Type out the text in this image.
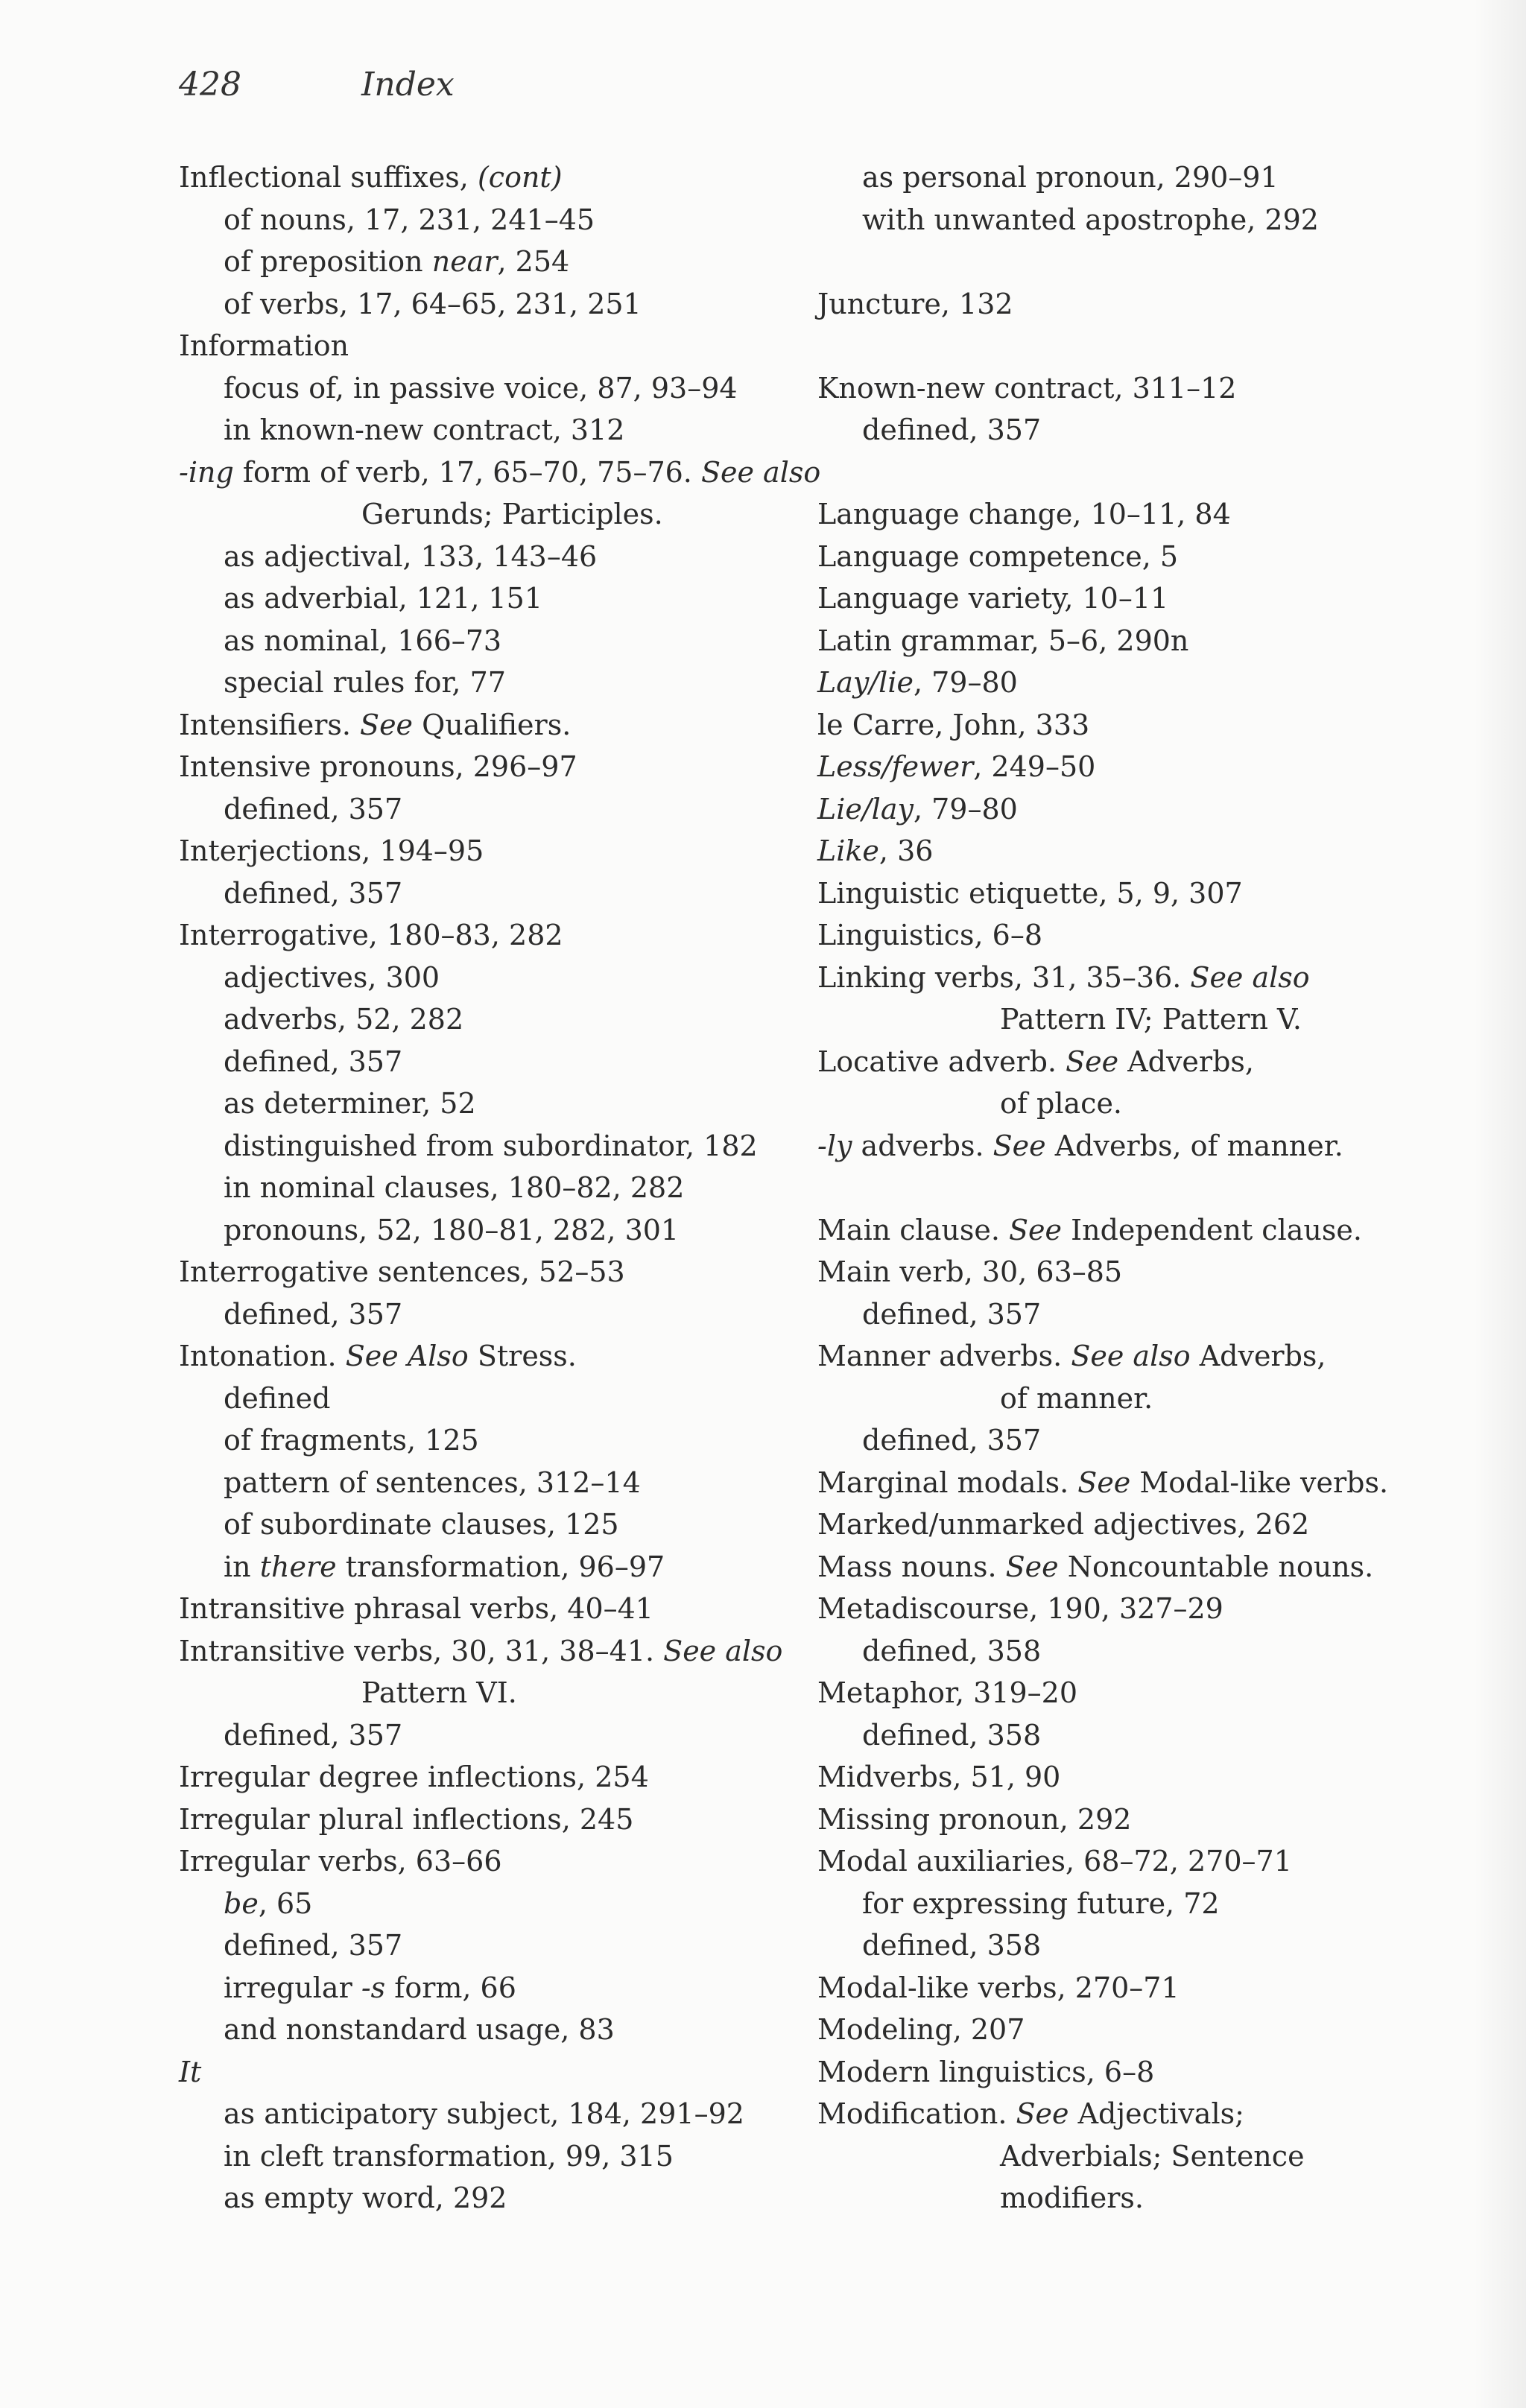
428	Index
Inflectional suffixes, (cont)
of nouns, 17, 231, 241–45
of preposition near, 254
of verbs, 17, 64–65, 231, 251
Information
focus of, in passive voice, 87, 93–94
in known-new contract, 312
-ing form of verb, 17, 65–70, 75–76. See also
Gerunds; Participles.
as adjectival, 133, 143–46
as adverbial, 121, 151
as nominal, 166–73
special rules for, 77
Intensifiers. See Qualifiers.
Intensive pronouns, 296–97
defined, 357
Interjections, 194–95
defined, 357
Interrogative, 180–83, 282
adjectives, 300
adverbs, 52, 282
defined, 357
as determiner, 52
distinguished from subordinator, 182
in nominal clauses, 180–82, 282
pronouns, 52, 180–81, 282, 301
Interrogative sentences, 52–53
defined, 357
Intonation. See Also Stress.
defined
of fragments, 125
pattern of sentences, 312–14
of subordinate clauses, 125
in there transformation, 96–97
Intransitive phrasal verbs, 40–41
Intransitive verbs, 30, 31, 38–41. See also
Pattern VI.
defined, 357
Irregular degree inflections, 254
Irregular plural inflections, 245
Irregular verbs, 63–66
be, 65
defined, 357
irregular -s form, 66
and nonstandard usage, 83
It
as anticipatory subject, 184, 291–92
in cleft transformation, 99, 315
as empty word, 292
as personal pronoun, 290–91
with unwanted apostrophe, 292
Juncture, 132
Known-new contract, 311–12
defined, 357
Language change, 10–11, 84
Language competence, 5
Language variety, 10–11
Latin grammar, 5–6, 290n
Lay/lie, 79–80
le Carre, John, 333
Less/fewer, 249–50
Lie/lay, 79–80
Like, 36
Linguistic etiquette, 5, 9, 307
Linguistics, 6–8
Linking verbs, 31, 35–36. See also
Pattern IV; Pattern V.
Locative adverb. See Adverbs,
of place.
-ly adverbs. See Adverbs, of manner.
Main clause. See Independent clause.
Main verb, 30, 63–85
defined, 357
Manner adverbs. See also Adverbs,
of manner.
defined, 357
Marginal modals. See Modal-like verbs.
Marked/unmarked adjectives, 262
Mass nouns. See Noncountable nouns.
Metadiscourse, 190, 327–29
defined, 358
Metaphor, 319–20
defined, 358
Midverbs, 51, 90
Missing pronoun, 292
Modal auxiliaries, 68–72, 270–71
for expressing future, 72
defined, 358
Modal-like verbs, 270–71
Modeling, 207
Modern linguistics, 6–8
Modification. See Adjectivals;
Adverbials; Sentence
modifiers.
